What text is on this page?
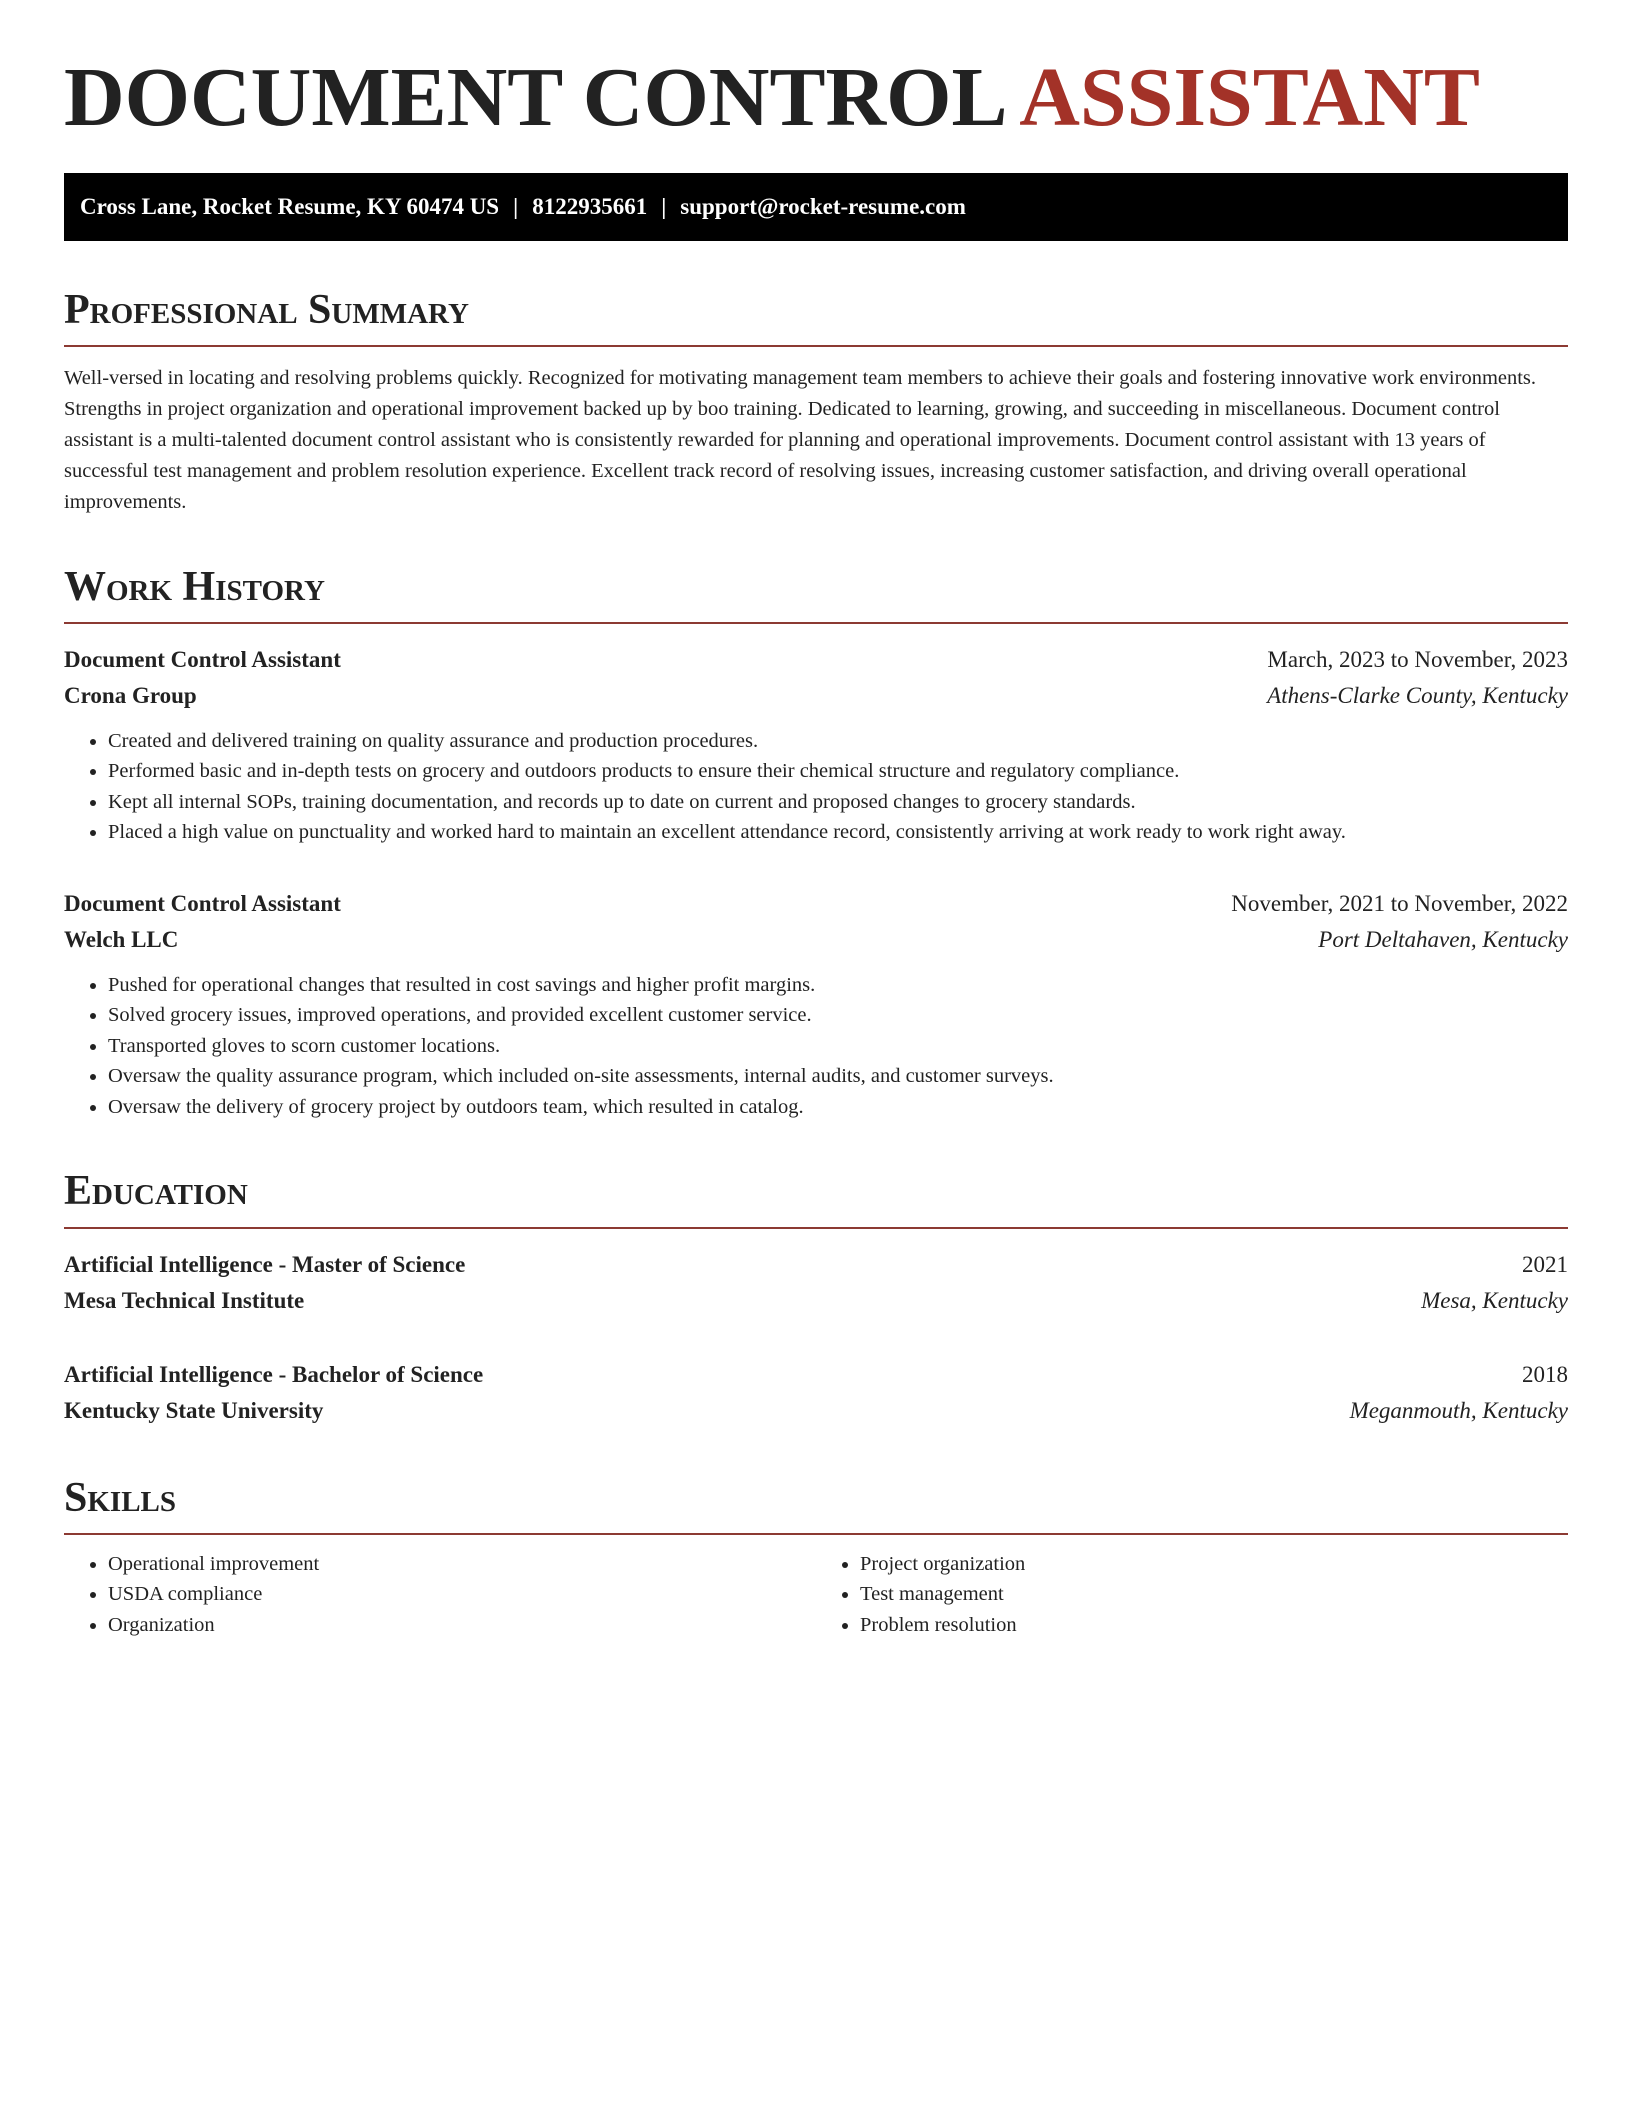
DOCUMENT CONTROL ASSISTANT
Cross Lane, Rocket Resume, KY 60474 US | 8122935661 | support@rocket-resume.com
Professional Summary

Well-versed in locating and resolving problems quickly. Recognized for motivating management team members to achieve their goals and fostering innovative work environments. Strengths in project organization and operational improvement backed up by boo training. Dedicated to learning, growing, and succeeding in miscellaneous. Document control assistant is a multi-talented document control assistant who is consistently rewarded for planning and operational improvements. Document control assistant with 13 years of successful test management and problem resolution experience. Excellent track record of resolving issues, increasing customer satisfaction, and driving overall operational improvements.

Work History
Document Control Assistant	March, 2023 to November, 2023
Crona Group	Athens-Clarke County, Kentucky
• Created and delivered training on quality assurance and production procedures.
• Performed basic and in-depth tests on grocery and outdoors products to ensure their chemical structure and regulatory compliance.
• Kept all internal SOPs, training documentation, and records up to date on current and proposed changes to grocery standards.
• Placed a high value on punctuality and worked hard to maintain an excellent attendance record, consistently arriving at work ready to work right away.
Document Control Assistant	November, 2021 to November, 2022
Welch LLC	Port Deltahaven, Kentucky
• Pushed for operational changes that resulted in cost savings and higher profit margins.
• Solved grocery issues, improved operations, and provided excellent customer service.
• Transported gloves to scorn customer locations.
• Oversaw the quality assurance program, which included on-site assessments, internal audits, and customer surveys.
• Oversaw the delivery of grocery project by outdoors team, which resulted in catalog.
Education
Artificial Intelligence - Master of Science	2021
Mesa Technical Institute	Mesa, Kentucky
Artificial Intelligence - Bachelor of Science	2018
Kentucky State University	Meganmouth, Kentucky
Skills
• Operational improvement
• USDA compliance
• Organization
• Project organization
• Test management
• Problem resolution
